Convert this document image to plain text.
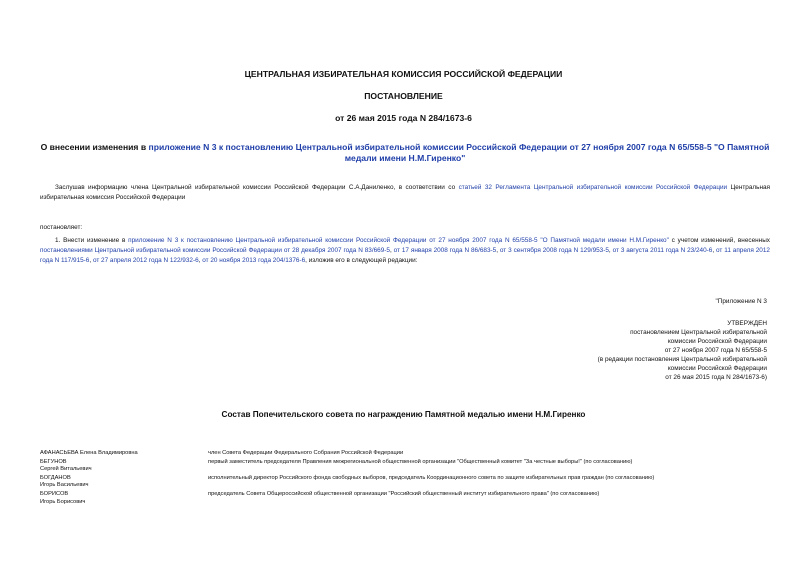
ЦЕНТРАЛЬНАЯ ИЗБИРАТЕЛЬНАЯ КОМИССИЯ РОССИЙСКОЙ ФЕДЕРАЦИИ
ПОСТАНОВЛЕНИЕ
от 26 мая 2015 года N 284/1673-6
О внесении изменения в приложение N 3 к постановлению Центральной избирательной комиссии Российской Федерации от 27 ноября 2007 года N 65/558-5 "О Памятной медали имени Н.М.Гиренко"
Заслушав информацию члена Центральной избирательной комиссии Российской Федерации С.А.Даниленко, в соответствии со статьей 32 Регламента Центральной избирательной комиссии Российской Федерации Центральная избирательная комиссия Российской Федерации
постановляет:
1. Внести изменение в приложение N 3 к постановлению Центральной избирательной комиссии Российской Федерации от 27 ноября 2007 года N 65/558-5 "О Памятной медали имени Н.М.Гиренко" с учетом изменений, внесенных постановлениями Центральной избирательной комиссии Российской Федерации от 28 декабря 2007 года N 83/669-5, от 17 января 2008 года N 86/683-5, от 3 сентября 2008 года N 129/953-5, от 3 августа 2011 года N 23/240-6, от 11 апреля 2012 года N 117/915-6, от 27 апреля 2012 года N 122/932-6, от 20 ноября 2013 года 204/1376-6, изложив его в следующей редакции:
"Приложение N 3
УТВЕРЖДЕН
постановлением Центральной избирательной
комиссии Российской Федерации
от 27 ноября 2007 года N 65/558-5
(в редакции постановления Центральной избирательной
комиссии Российской Федерации
от 26 мая 2015 года N 284/1673-6)
Состав Попечительского совета по награждению Памятной медалью имени Н.М.Гиренко
АФАНАСЬЕВА Елена Владимировна	член Совета Федерации Федерального Собрания Российской Федерации

БЕГУНОВ
Сергей Витальевич	первый заместитель председателя Правления межрегиональной общественной организации "Общественный комитет "За честные выборы!" (по согласованию)

БОГДАНОВ
Игорь Васильевич	исполнительный директор Российского фонда свободных выборов, председатель Координационного совета по защите избирательных прав граждан (по согласованию)

БОРИСОВ
Игорь Борисович	председатель Совета Общероссийской общественной организации "Российский общественный институт избирательного права" (по согласованию)
